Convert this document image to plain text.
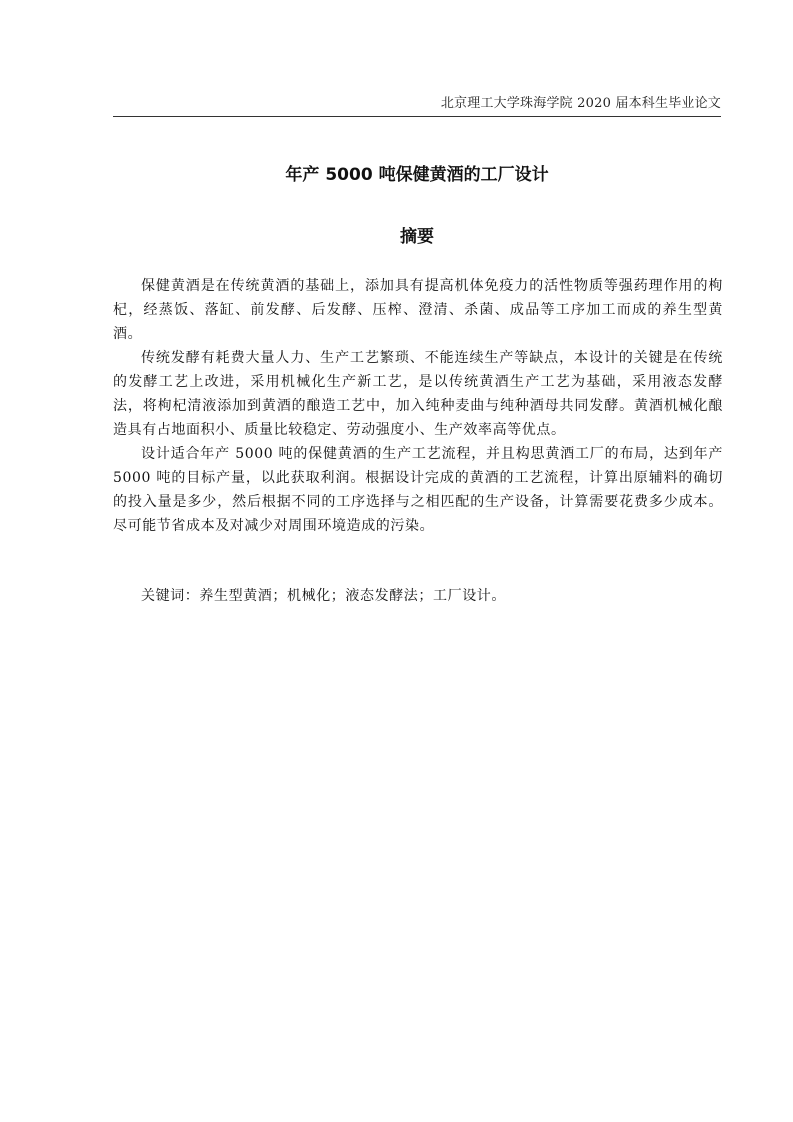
北京理工大学珠海学院 2020 届本科生毕业论文
年产 5000 吨保健黄酒的工厂设计
摘要

保健黄酒是在传统黄酒的基础上，添加具有提高机体免疫力的活性物质等强药理作用的枸杞，经蒸饭、落缸、前发酵、后发酵、压榨、澄清、杀菌、成品等工序加工而成的养生型黄酒。

传统发酵有耗费大量人力、生产工艺繁琐、不能连续生产等缺点，本设计的关键是在传统的发酵工艺上改进，采用机械化生产新工艺，是以传统黄酒生产工艺为基础，采用液态发酵法，将枸杞清液添加到黄酒的酿造工艺中，加入纯种麦曲与纯种酒母共同发酵。黄酒机械化酿造具有占地面积小、质量比较稳定、劳动强度小、生产效率高等优点。

设计适合年产 5000 吨的保健黄酒的生产工艺流程，并且构思黄酒工厂的布局，达到年产 5000 吨的目标产量，以此获取利润。根据设计完成的黄酒的工艺流程，计算出原辅料的确切的投入量是多少，然后根据不同的工序选择与之相匹配的生产设备，计算需要花费多少成本。尽可能节省成本及对减少对周围环境造成的污染。

关键词：养生型黄酒；机械化；液态发酵法；工厂设计。
